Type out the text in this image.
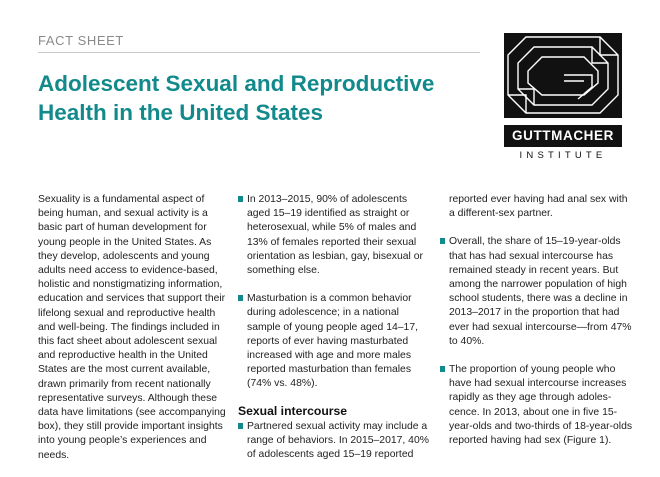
FACT SHEET
Adolescent Sexual and Reproductive Health in the United States
GUTTMACHER
INSTITUTE

Sexuality is a fundamental aspect of being human, and sexual activity is a basic part of human development for young people in the United States. As they develop, adolescents and young adults need access to evidence-based, holistic and nonstigmatizing information, education and services that support their lifelong sexual and reproductive health and well-being. The findings included in this fact sheet about adolescent sexual and reproductive health in the United States are the most current available, drawn primarily from recent nationally representative surveys. Although these data have limitations (see accompanying box), they still provide important insights into young people’s experiences and needs.

In 2013–2015, 90% of adolescents aged 15–19 identified as straight or heterosexual, while 5% of males and 13% of females reported their sexual orientation as lesbian, gay, bisexual or something else.

Masturbation is a common behavior during adolescence; in a national sample of young people aged 14–17, reports of ever having masturbated increased with age and more males reported masturbation than females (74% vs. 48%).

Sexual intercourse

Partnered sexual activity may include a range of behaviors. In 2015–2017, 40% of adolescents aged 15–19 reported

reported ever having had anal sex with a different-sex partner.

Overall, the share of 15–19-year-olds that has had sexual intercourse has remained steady in recent years. But among the narrower population of high school students, there was a decline in 2013–2017 in the proportion that had ever had sexual intercourse—from 47% to 40%.

The proportion of young people who have had sexual intercourse increases rapidly as they age through adolescence. In 2013, about one in five 15-year-olds and two-thirds of 18-year-olds reported having had sex (Figure 1).
